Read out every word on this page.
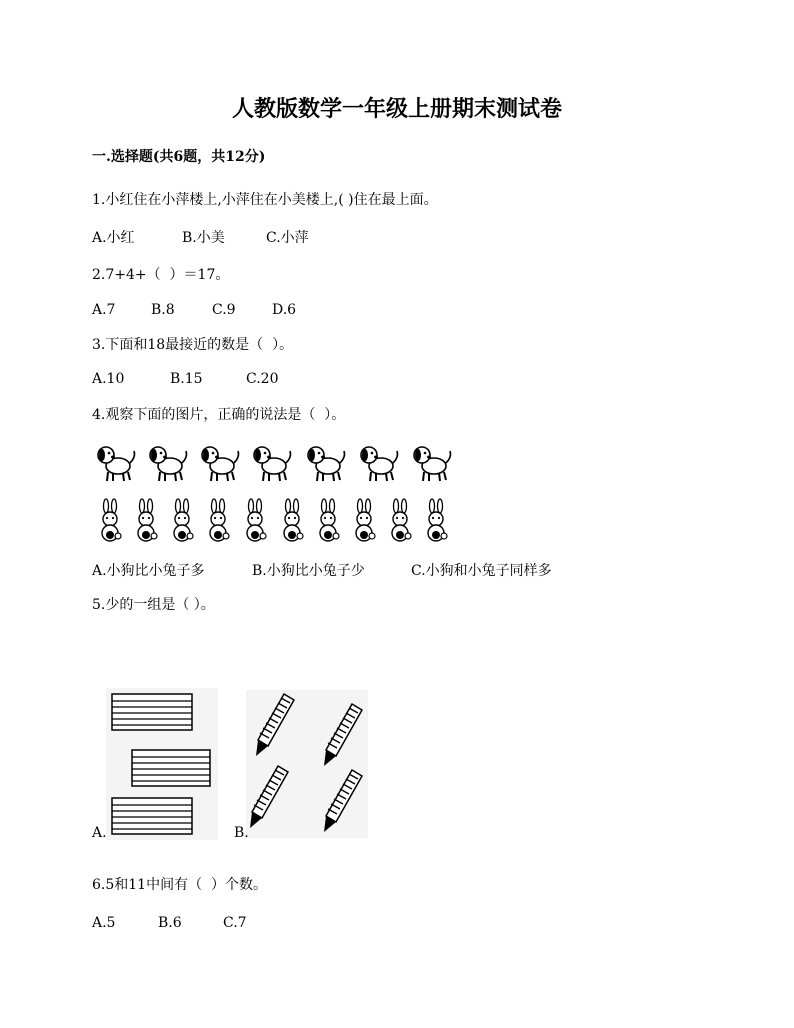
人教版数学一年级上册期末测试卷
一.选择题(共6题，共12分)
1.小红住在小萍楼上,小萍住在小美楼上,( )住在最上面。
A.小红	B.小美	C.小萍
2.7+4+（  ）＝17。
A.7	B.8	C.9	D.6
3.下面和18最接近的数是（  ）。
A.10	B.15	C.20
4.观察下面的图片，正确的说法是（  ）。
A.小狗比小兔子多	B.小狗比小兔子少	C.小狗和小兔子同样多
5.少的一组是（ ）。
A.	B.
6.5和11中间有（  ）个数。
A.5	B.6	C.7
